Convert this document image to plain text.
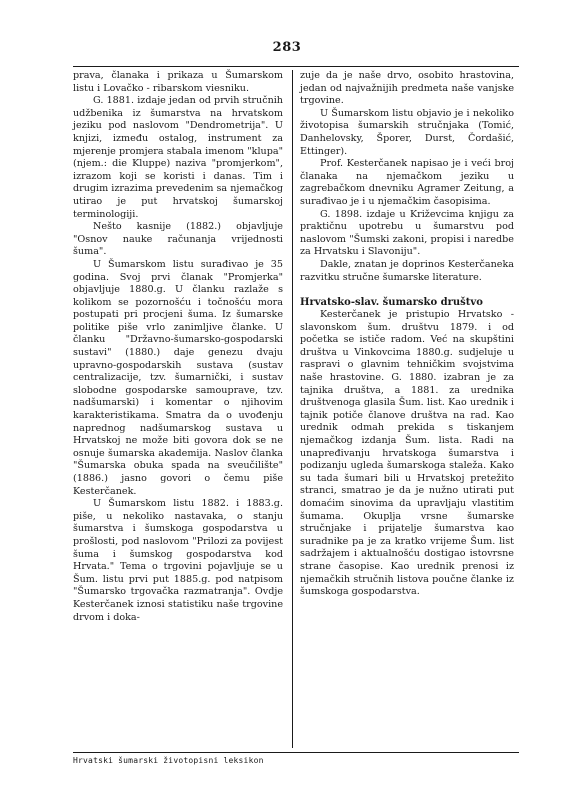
283

prava, članaka i prikaza u Šumarskom listu i Lovačko - ribarskom viesniku.

G. 1881. izdaje jedan od prvih stručnih udžbenika iz šumarstva na hrvatskom jeziku pod naslovom "Dendrometrija". U knjizi, između ostalog, instrument za mjerenje promjera stabala imenom "klupa" (njem.: die Kluppe) naziva "promjerkom", izrazom koji se koristi i danas. Tim i drugim izrazima prevedenim sa njemačkog utirao je put hrvatskoj šumarskoj terminologiji.

Nešto kasnije (1882.) objavljuje "Osnov nauke računanja vrijednosti šuma".

U Šumarskom listu surađivao je 35 godina. Svoj prvi članak "Promjerka" objavljuje 1880.g. U članku razlaže s kolikom se pozornošću i točnošću mora postupati pri procjeni šuma. Iz šumarske politike piše vrlo zanimljive članke. U članku "Državno-šumarsko-gospodarski sustavi" (1880.) daje genezu dvaju upravno-gospodarskih sustava (sustav centralizacije, tzv. šumarnički, i sustav slobodne gospodarske samouprave, tzv. nadšumarski) i komentar o njihovim karakteristikama. Smatra da o uvođenju naprednog nadšumarskog sustava u Hrvatskoj ne može biti govora dok se ne osnuje šumarska akademija. Naslov članka "Šumarska obuka spada na sveučilište" (1886.) jasno govori o čemu piše Kesterčanek.

U Šumarskom listu 1882. i 1883.g. piše, u nekoliko nastavaka, o stanju šumarstva i šumskoga gospodarstva u prošlosti, pod naslovom "Prilozi za povijest šuma i šumskog gospodarstva kod Hrvata." Tema o trgovini pojavljuje se u Šum. listu prvi put 1885.g. pod natpisom "Šumarsko trgovačka razmatranja". Ovdje Kesterčanek iznosi statistiku naše trgovine drvom i doka-

zuje da je naše drvo, osobito hrastovina, jedan od najvažnijih predmeta naše vanjske trgovine.

U Šumarskom listu objavio je i nekoliko životopisa šumarskih stručnjaka (Tomić, Danhelovsky, Šporer, Durst, Čordašić, Ettinger).

Prof. Kesterčanek napisao je i veći broj članaka na njemačkom jeziku u zagrebačkom dnevniku Agramer Zeitung, a surađivao je i u njemačkim časopisima.

G. 1898. izdaje u Križevcima knjigu za praktičnu upotrebu u šumarstvu pod naslovom "Šumski zakoni, propisi i naredbe za Hrvatsku i Slavoniju".

Dakle, znatan je doprinos Kesterčaneka razvitku stručne šumarske literature.

Hrvatsko-slav. šumarsko društvo

Kesterčanek je pristupio Hrvatsko - slavonskom šum. društvu 1879. i od početka se ističe radom. Već na skupštini društva u Vinkovcima 1880.g. sudjeluje u raspravi o glavnim tehničkim svojstvima naše hrastovine. G. 1880. izabran je za tajnika društva, a 1881. za urednika društvenoga glasila Šum. list. Kao urednik i tajnik potiče članove društva na rad. Kao urednik odmah prekida s tiskanjem njemačkog izdanja Šum. lista. Radi na unapređivanju hrvatskoga šumarstva i podizanju ugleda šumarskoga staleža. Kako su tada šumari bili u Hrvatskoj pretežito stranci, smatrao je da je nužno utirati put domaćim sinovima da upravljaju vlastitim šumama. Okuplja vrsne šumarske stručnjake i prijatelje šumarstva kao suradnike pa je za kratko vrijeme Šum. list sadržajem i aktualnošću dostigao istovrsne strane časopise. Kao urednik prenosi iz njemačkih stručnih listova poučne članke iz šumskoga gospodarstva.

Hrvatski šumarski životopisni leksikon
